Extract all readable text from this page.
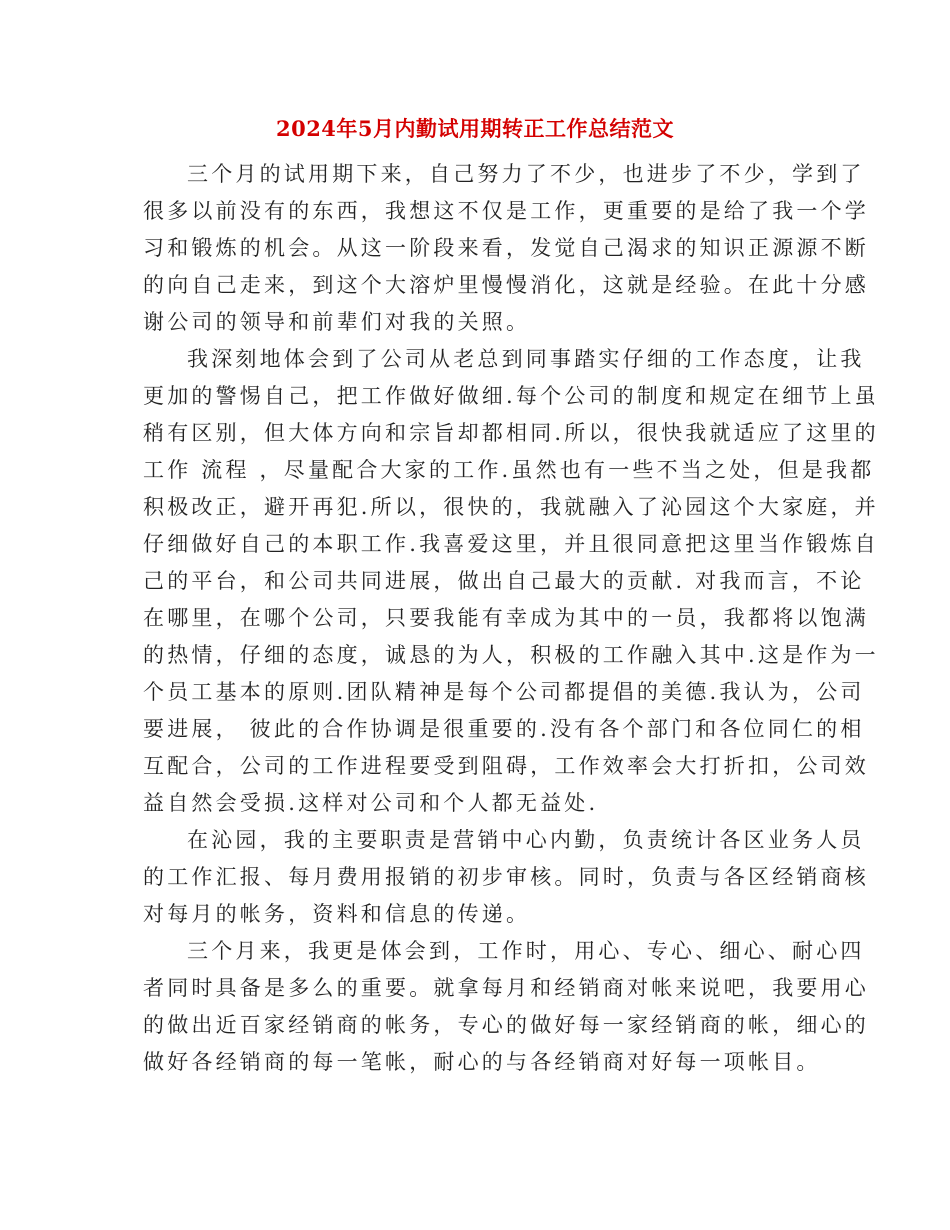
2024年5月内勤试用期转正工作总结范文
三个月的试用期下来，自己努力了不少，也进步了不少，学到了
很多以前没有的东西，我想这不仅是工作，更重要的是给了我一个学
习和锻炼的机会。从这一阶段来看，发觉自己渴求的知识正源源不断
的向自己走来，到这个大溶炉里慢慢消化，这就是经验。在此十分感
谢公司的领导和前辈们对我的关照。
我深刻地体会到了公司从老总到同事踏实仔细的工作态度，让我
更加的警惕自己，把工作做好做细.每个公司的制度和规定在细节上虽
稍有区别，但大体方向和宗旨却都相同.所以，很快我就适应了这里的
工作 流程 ，尽量配合大家的工作.虽然也有一些不当之处，但是我都
积极改正，避开再犯.所以，很快的，我就融入了沁园这个大家庭，并
仔细做好自己的本职工作.我喜爱这里，并且很同意把这里当作锻炼自
己的平台，和公司共同进展，做出自己最大的贡献. 对我而言，不论
在哪里，在哪个公司，只要我能有幸成为其中的一员，我都将以饱满
的热情，仔细的态度，诚恳的为人，积极的工作融入其中.这是作为一
个员工基本的原则.团队精神是每个公司都提倡的美德.我认为，公司
要进展， 彼此的合作协调是很重要的.没有各个部门和各位同仁的相
互配合，公司的工作进程要受到阻碍，工作效率会大打折扣，公司效
益自然会受损.这样对公司和个人都无益处.
在沁园，我的主要职责是营销中心内勤，负责统计各区业务人员
的工作汇报、每月费用报销的初步审核。同时，负责与各区经销商核
对每月的帐务，资料和信息的传递。
三个月来，我更是体会到，工作时，用心、专心、细心、耐心四
者同时具备是多么的重要。就拿每月和经销商对帐来说吧，我要用心
的做出近百家经销商的帐务，专心的做好每一家经销商的帐，细心的
做好各经销商的每一笔帐，耐心的与各经销商对好每一项帐目。
